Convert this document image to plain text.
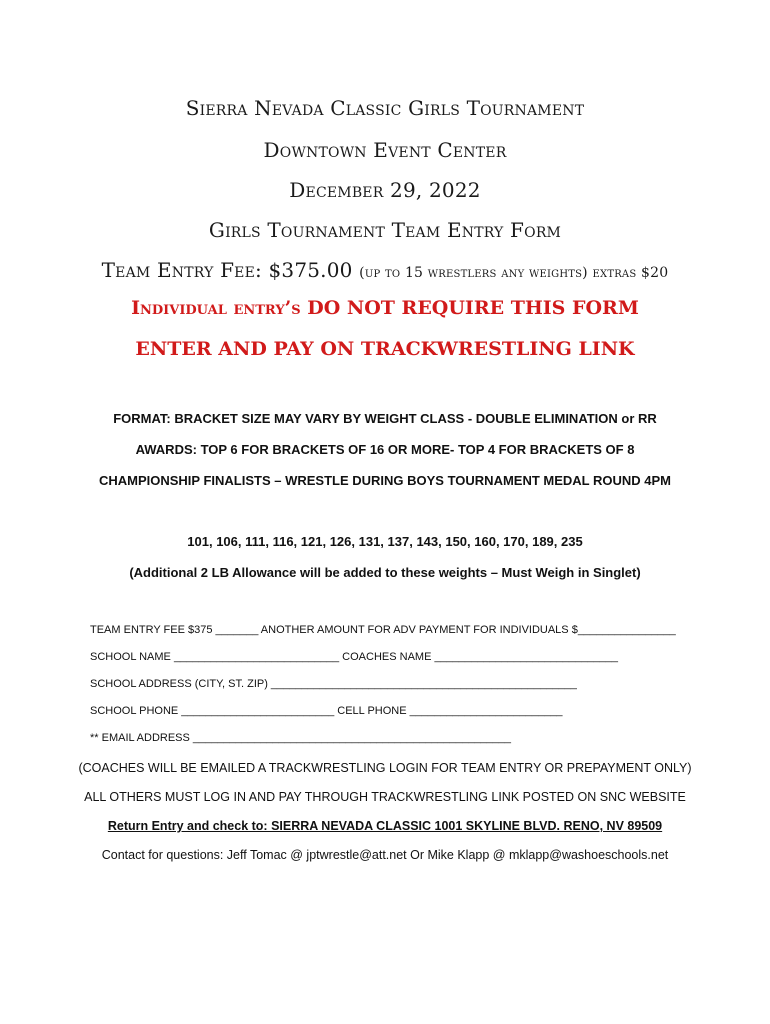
Sierra Nevada Classic Girls Tournament
Downtown Event Center
December 29, 2022
Girls Tournament Team Entry Form
Team Entry Fee: $375.00 (up to 15 wrestlers any weights) extras $20
Individual entry’s DO NOT REQUIRE THIS FORM
ENTER AND PAY ON TRACKWRESTLING LINK
FORMAT: BRACKET SIZE MAY VARY BY WEIGHT CLASS - DOUBLE ELIMINATION or RR
AWARDS: TOP 6 FOR BRACKETS OF 16 OR MORE- TOP 4 FOR BRACKETS OF 8
CHAMPIONSHIP FINALISTS – WRESTLE DURING BOYS TOURNAMENT MEDAL ROUND 4PM
101, 106, 111, 116, 121, 126, 131, 137, 143, 150, 160, 170, 189, 235
(Additional 2 LB Allowance will be added to these weights – Must Weigh in Singlet)
TEAM ENTRY FEE $375 _______ ANOTHER AMOUNT FOR ADV PAYMENT FOR INDIVIDUALS $________________
SCHOOL NAME ___________________________ COACHES NAME ______________________________
SCHOOL ADDRESS (CITY, ST. ZIP) __________________________________________________
SCHOOL PHONE _________________________ CELL PHONE _________________________
** EMAIL ADDRESS ____________________________________________________
(COACHES WILL BE EMAILED A TRACKWRESTLING LOGIN FOR TEAM ENTRY OR PREPAYMENT ONLY)
ALL OTHERS MUST LOG IN AND PAY THROUGH TRACKWRESTLING LINK POSTED ON SNC WEBSITE
Return Entry and check to: SIERRA NEVADA CLASSIC 1001 SKYLINE BLVD. RENO, NV 89509
Contact for questions: Jeff Tomac @ jptwrestle@att.net Or Mike Klapp @ mklapp@washoeschools.net
